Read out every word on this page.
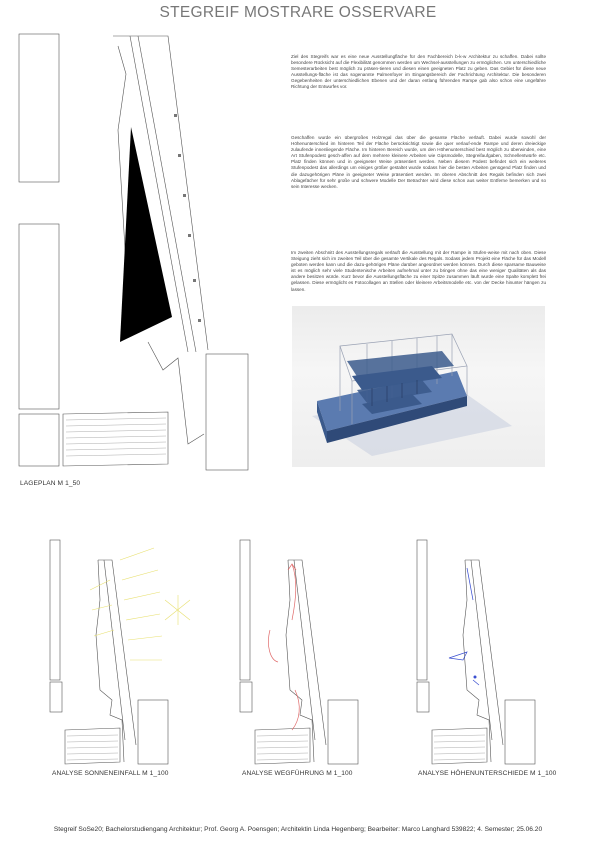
STEGREIF MOSTRARE OSSERVARE
LAGEPLAN M 1_50

Ziel des Stegreifs war es eine neue Ausstellungfläche für den Fachbereich b-k-w Architektur zu schaffen. Dabei sollte besondere Rücksicht auf die Flexibilität genommen werden um Wechsel-ausstellungen zu ermöglichen. Um unterschiedliche Semesterarbeiten best möglich zu präsen-tieren und diesen einen geeigneten Platz zu geben. Das Gebiet für diese neue Ausstellungs-fläche ist das sogenannte Palmenfoyer im Eingangsbereich der Fachrichtung Architektur. Die besonderen Gegebenheiten der unterschiedlichen Ebenen und der daran entlang führenden Rampe gab also schon eine ungefähre Richtung der Entwurfes vor.

Geschaffen wurde ein übergroßes Holzregal das über die gesamte Fläche verläuft. Dabei wurde sowohl der Höhenunterschied im hinteren Teil der Fläche berücksichtigt sowie die quer verlauf-ende Rampe und deren dreieckige zulaufende innenliegende Fläche. Im hinteren Bereich wurde, um den Höhenunterschied best möglich zu überwinden, eine Art Stufenpodest gesch-affen auf dem mehrere kleinere Arbeiten wie Gipsmodelle, Stegreifaufgaben, Schnellentwürfe etc. Platz finden können und in geeigneter Weise präsentiert werden. Neben diesem Podest befindet sich ein weiteres Stufenpodest das allerdings um einiges größer gestaltet wurde sodass hier die besten Arbeiten genügend Platz finden und die dazugehörigen Pläne in geeigneter Weise präsentiert werden. Im oberen Abschnitt des Regals befinden sich zwei Ablagefächer für sehr große und schwere Modelle Der Betrachter wird diese schon aus weiter Entferne bemerken und so sein Interesse wecken.

Im zweiten Abschnitt des Ausstellungsregals verläuft die Ausstellung mit der Rampe in Stufen-weise mit nach oben. Diese Steigung zieht sich im zweiten Teil über die gesamte Vertikale des Regals. Sodass jedem Projekt eine Fläche für das Modell geboten werden kann und die dazu-gehörigen Pläne darüber angeordnet werden können. Durch diese sparsame Bauweise ist es möglich sehr viele Studentenische Arbeiten aufnehmal unter zu bringen ohne das eine weniger Qualitäten als das andere besitzen würde. Kurz bevor die Ausstellungsfläche zu einer Spitze zusammen läuft wurde eine Spalte komplett frei gelassen. Diese ermöglicht es Fotocollagen an Stellen oder kleinere Arbeitsmodelle etc. von der Decke hinunter hängen zu lassen.

ANALYSE SONNENEINFALL M 1_100	ANALYSE WEGFÜHRUNG M 1_100	ANALYSE HÖHENUNTERSCHIEDE M 1_100
Stegreif SoSe20; Bachelorstudiengang Architektur; Prof. Georg A. Poensgen; Architektin Linda Hegenberg; Bearbeiter: Marco Langhard 539822; 4. Semester; 25.06.20
